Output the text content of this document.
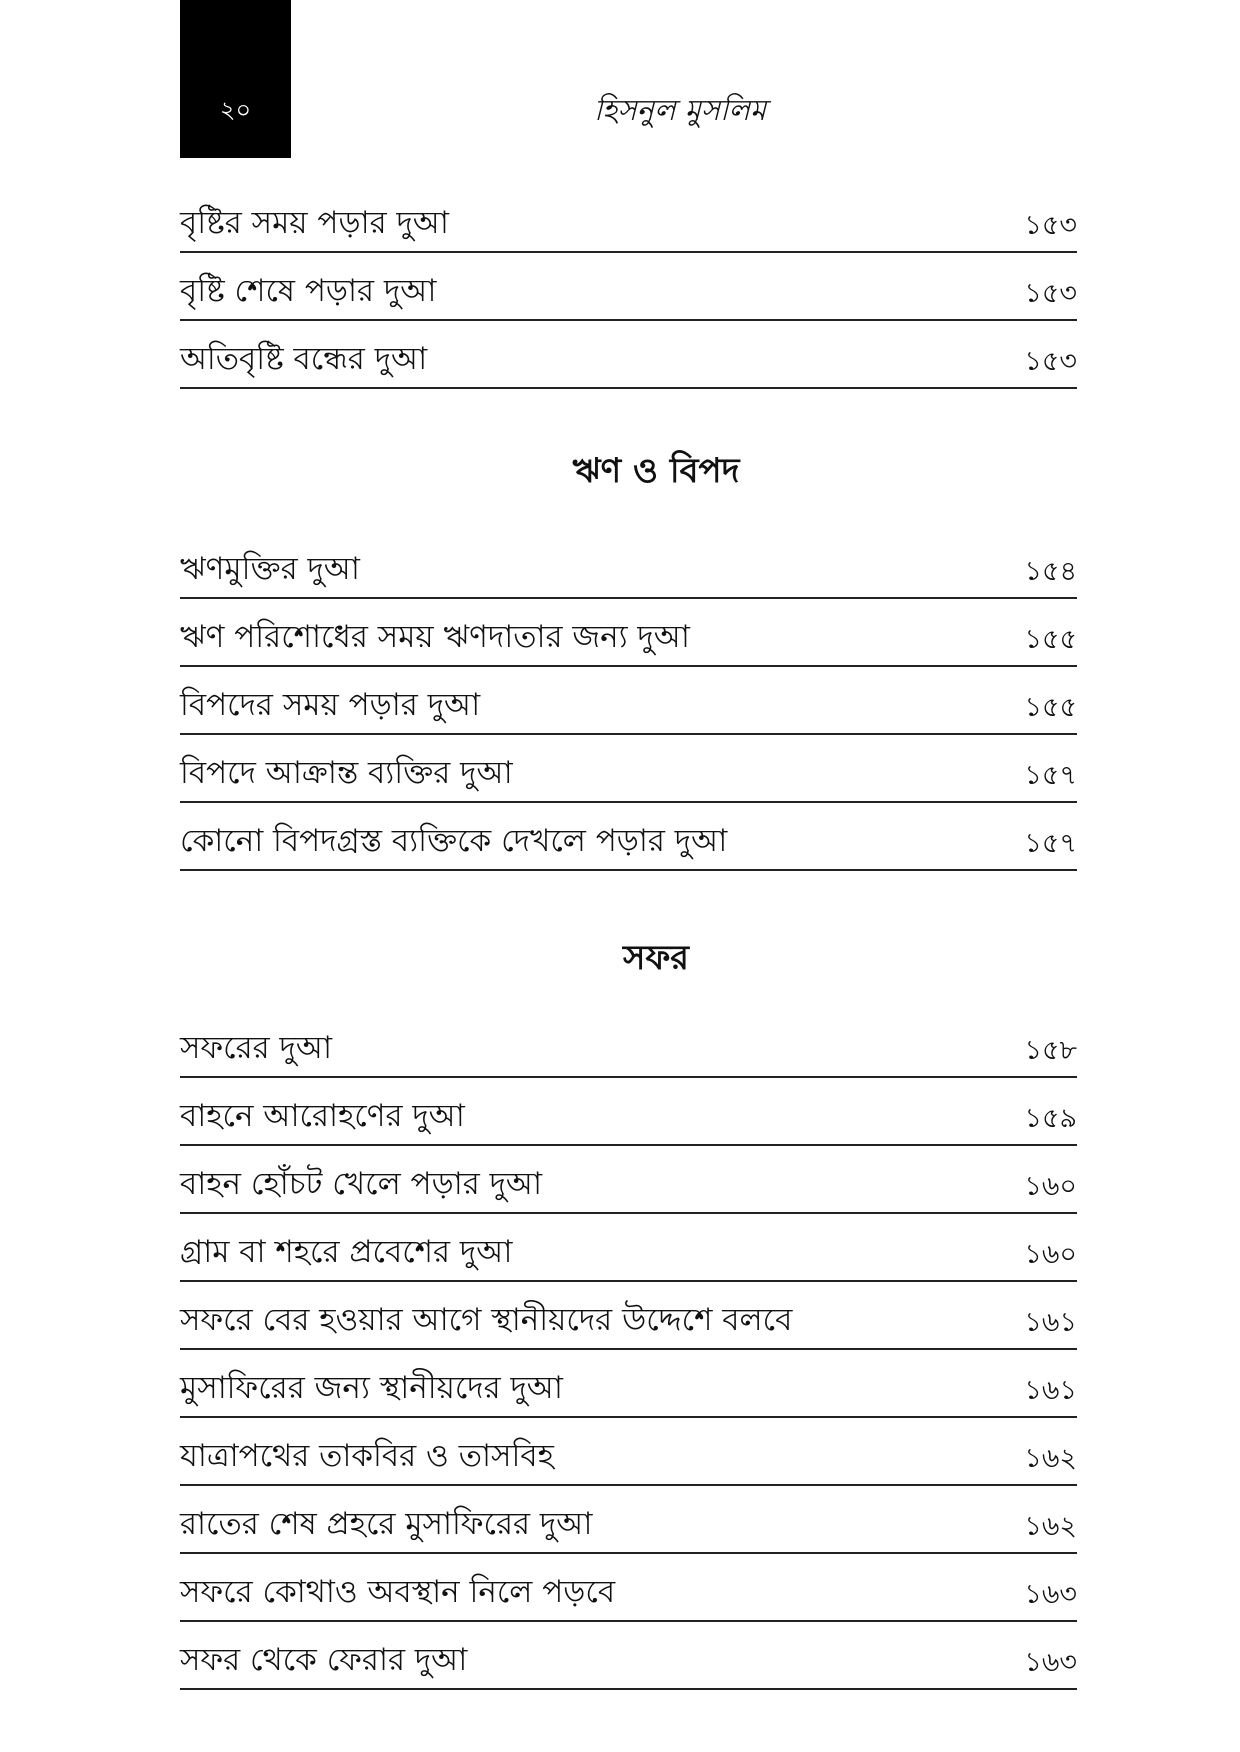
২০	হিসনুল মুসলিম
বৃষ্টির সময় পড়ার দুআ	১৫৩
বৃষ্টি শেষে পড়ার দুআ	১৫৩
অতিবৃষ্টি বন্ধের দুআ	১৫৩
ঋণ ও বিপদ
ঋণমুক্তির দুআ	১৫৪
ঋণ পরিশোধের সময় ঋণদাতার জন্য দুআ	১৫৫
বিপদের সময় পড়ার দুআ	১৫৫
বিপদে আক্রান্ত ব্যক্তির দুআ	১৫৭
কোনো বিপদগ্রস্ত ব্যক্তিকে দেখলে পড়ার দুআ	১৫৭
সফর
সফরের দুআ	১৫৮
বাহনে আরোহণের দুআ	১৫৯
বাহন হোঁচট খেলে পড়ার দুআ	১৬০
গ্রাম বা শহরে প্রবেশের দুআ	১৬০
সফরে বের হওয়ার আগে স্থানীয়দের উদ্দেশে বলবে	১৬১
মুসাফিরের জন্য স্থানীয়দের দুআ	১৬১
যাত্রাপথের তাকবির ও তাসবিহ	১৬২
রাতের শেষ প্রহরে মুসাফিরের দুআ	১৬২
সফরে কোথাও অবস্থান নিলে পড়বে	১৬৩
সফর থেকে ফেরার দুআ	১৬৩
